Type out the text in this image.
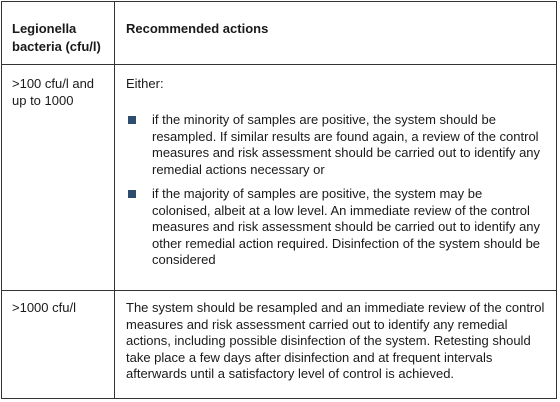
Legionella bacteria (cfu/l)
Recommended actions
>100 cfu/l and up to 1000
Either:
if the minority of samples are positive, the system should be resampled. If similar results are found again, a review of the control measures and risk assessment should be carried out to identify any remedial actions necessary or
if the majority of samples are positive, the system may be colonised, albeit at a low level. An immediate review of the control measures and risk assessment should be carried out to identify any other remedial action required. Disinfection of the system should be considered
>1000 cfu/l	The system should be resampled and an immediate review of the control measures and risk assessment carried out to identify any remedial actions, including possible disinfection of the system. Retesting should take place a few days after disinfection and at frequent intervals afterwards until a satisfactory level of control is achieved.
